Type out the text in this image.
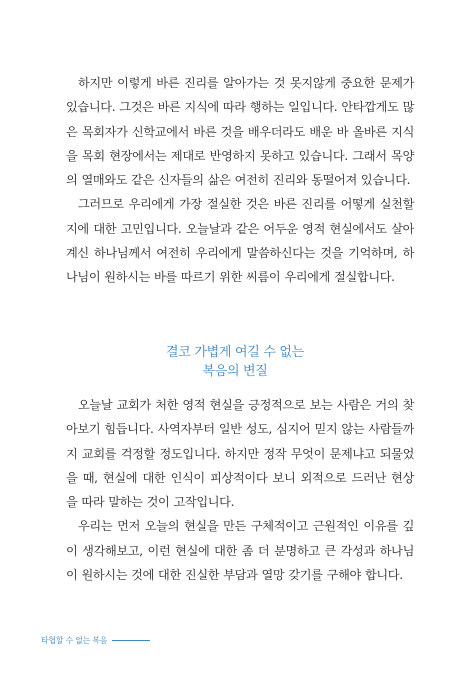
하지만 이렇게 바른 진리를 알아가는 것 못지않게 중요한 문제가 있습니다. 그것은 바른 지식에 따라 행하는 일입니다. 안타깝게도 많은 목회자가 신학교에서 바른 것을 배우더라도 배운 바 올바른 지식을 목회 현장에서는 제대로 반영하지 못하고 있습니다. 그래서 목양의 열매와도 같은 신자들의 삶은 여전히 진리와 동떨어져 있습니다.

그러므로 우리에게 가장 절실한 것은 바른 진리를 어떻게 실천할지에 대한 고민입니다. 오늘날과 같은 어두운 영적 현실에서도 살아 계신 하나님께서 여전히 우리에게 말씀하신다는 것을 기억하며, 하나님이 원하시는 바를 따르기 위한 씨름이 우리에게 절실합니다.

결코 가볍게 여길 수 없는
복음의 변질

오늘날 교회가 처한 영적 현실을 긍정적으로 보는 사람은 거의 찾아보기 힘듭니다. 사역자부터 일반 성도, 심지어 믿지 않는 사람들까지 교회를 걱정할 정도입니다. 하지만 정작 무엇이 문제냐고 되물었을 때, 현실에 대한 인식이 피상적이다 보니 외적으로 드러난 현상을 따라 말하는 것이 고작입니다.

우리는 먼저 오늘의 현실을 만든 구체적이고 근원적인 이유를 깊이 생각해보고, 이런 현실에 대한 좀 더 분명하고 큰 각성과 하나님이 원하시는 것에 대한 진실한 부담과 열망 갖기를 구해야 합니다.

타협할 수 없는 복음
